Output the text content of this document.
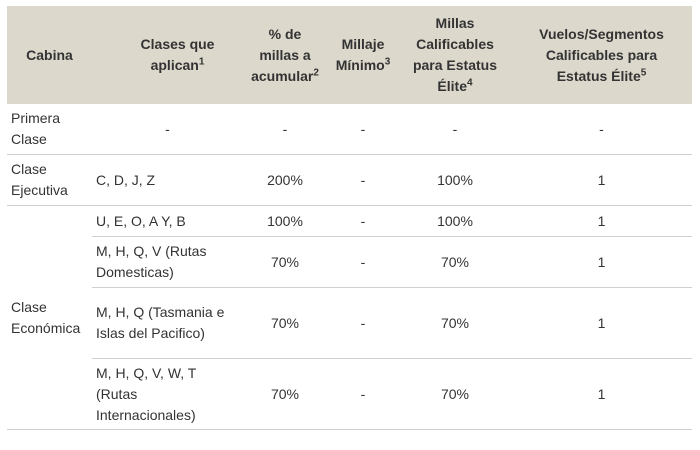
Cabina	Clases que aplican$^1$	% de millas a acumular$^2$	Millaje Mínimo$^3$	Millas Calificables para Estatus Élite$^4$	Vuelos/Segmentos Calificables para Estatus Élite$^5$
Primera Clase	-	-	-	-	-
Clase Ejecutiva	C, D, J, Z	200%	-	100%	1
Clase Económica	U, E, O, A Y, B	100%	-	100%	1

	M, H, Q, V (Rutas Domesticas)	70%	-	70%	1

	M, H, Q (Tasmania e Islas del Pacifico)	70%	-	70%	1

	M, H, Q, V, W, T (Rutas Internacionales)	70%	-	70%	1
